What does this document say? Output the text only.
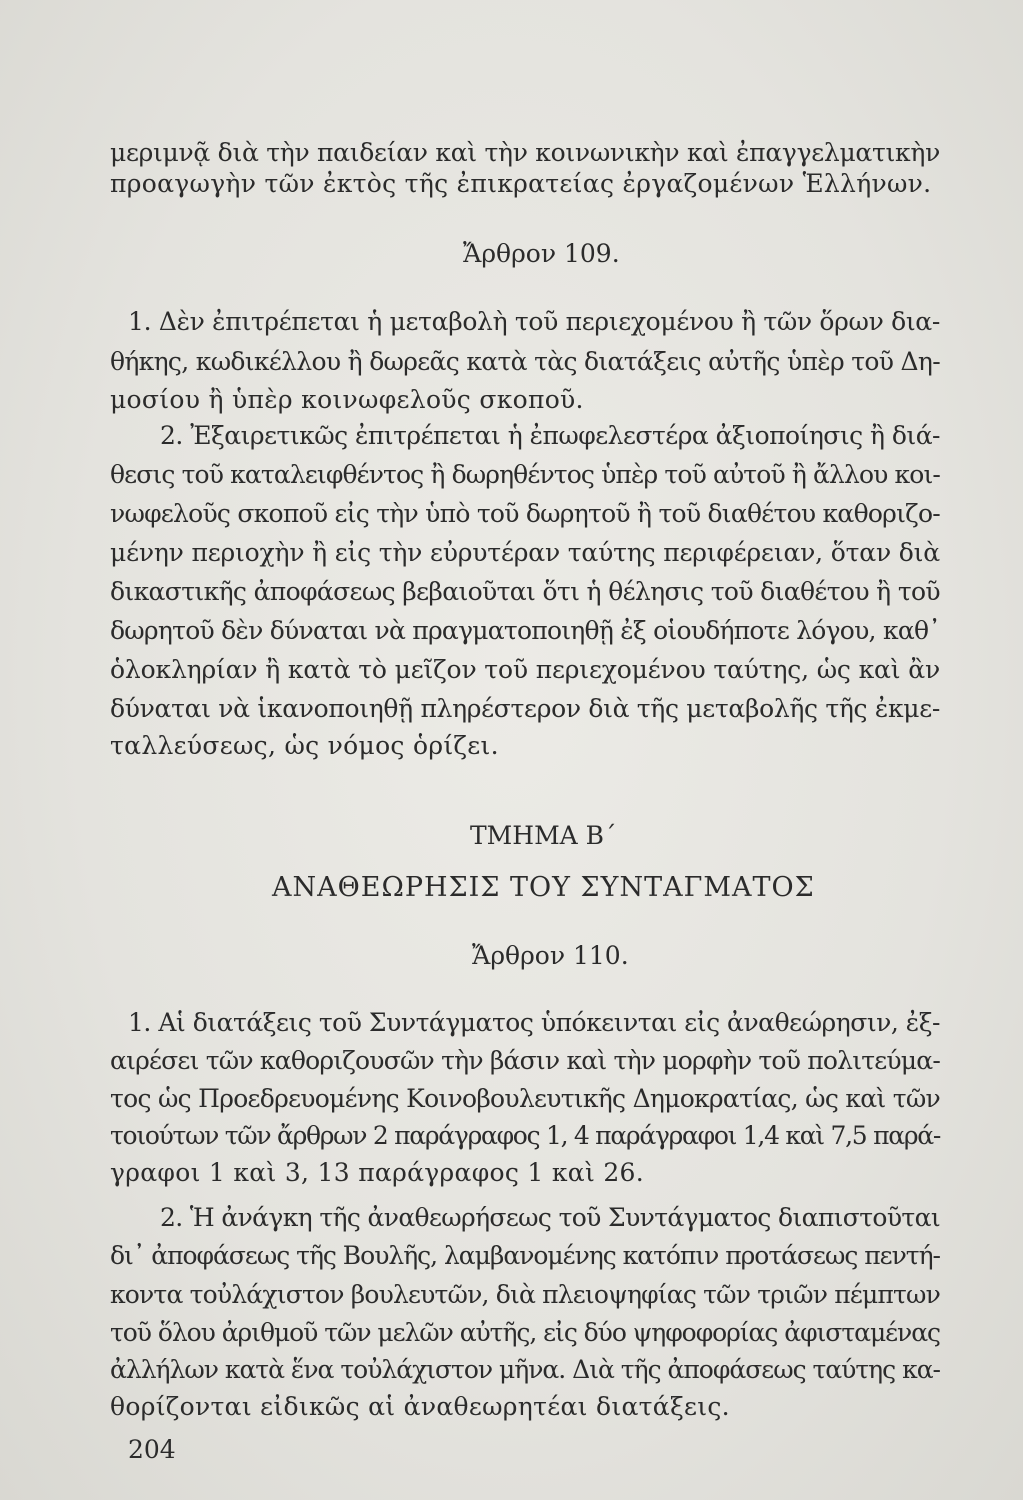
μεριμνᾷ διὰ τὴν παιδείαν καὶ τὴν κοινωνικὴν καὶ ἐπαγγελματικὴν
προαγωγὴν τῶν ἐκτὸς τῆς ἐπικρατείας ἐργαζομένων Ἑλλήνων.
Ἄρθρον 109.
1. Δὲν ἐπιτρέπεται ἡ μεταβολὴ τοῦ περιεχομένου ἢ τῶν ὅρων δια-
θήκης, κωδικέλλου ἢ δωρεᾶς κατὰ τὰς διατάξεις αὐτῆς ὑπὲρ τοῦ Δη-
μοσίου ἢ ὑπὲρ κοινωφελοῦς σκοποῦ.
2. Ἐξαιρετικῶς ἐπιτρέπεται ἡ ἐπωφελεστέρα ἀξιοποίησις ἢ διά-
θεσις τοῦ καταλειφθέντος ἢ δωρηθέντος ὑπὲρ τοῦ αὐτοῦ ἢ ἄλλου κοι-
νωφελοῦς σκοποῦ εἰς τὴν ὑπὸ τοῦ δωρητοῦ ἢ τοῦ διαθέτου καθοριζο-
μένην περιοχὴν ἢ εἰς τὴν εὐρυτέραν ταύτης περιφέρειαν, ὅταν διὰ
δικαστικῆς ἀποφάσεως βεβαιοῦται ὅτι ἡ θέλησις τοῦ διαθέτου ἢ τοῦ
δωρητοῦ δὲν δύναται νὰ πραγματοποιηθῇ ἐξ οἱουδήποτε λόγου, καθ᾽
ὁλοκληρίαν ἢ κατὰ τὸ μεῖζον τοῦ περιεχομένου ταύτης, ὡς καὶ ἂν
δύναται νὰ ἱκανοποιηθῇ πληρέστερον διὰ τῆς μεταβολῆς τῆς ἐκμε-
ταλλεύσεως, ὡς νόμος ὁρίζει.
ΤΜΗΜΑ Β΄
ΑΝΑΘΕΩΡΗΣΙΣ ΤΟΥ ΣΥΝΤΑΓΜΑΤΟΣ
Ἄρθρον 110.
1. Αἱ διατάξεις τοῦ Συντάγματος ὑπόκεινται εἰς ἀναθεώρησιν, ἐξ-
αιρέσει τῶν καθοριζουσῶν τὴν βάσιν καὶ τὴν μορφὴν τοῦ πολιτεύμα-
τος ὡς Προεδρευομένης Κοινοβουλευτικῆς Δημοκρατίας, ὡς καὶ τῶν
τοιούτων τῶν ἄρθρων 2 παράγραφος 1, 4 παράγραφοι 1,4 καὶ 7,5 παρά-
γραφοι 1 καὶ 3, 13 παράγραφος 1 καὶ 26.
2. Ἡ ἀνάγκη τῆς ἀναθεωρήσεως τοῦ Συντάγματος διαπιστοῦται
δι᾽ ἀποφάσεως τῆς Βουλῆς, λαμβανομένης κατόπιν προτάσεως πεντή-
κοντα τοὐλάχιστον βουλευτῶν, διὰ πλειοψηφίας τῶν τριῶν πέμπτων
τοῦ ὅλου ἀριθμοῦ τῶν μελῶν αὐτῆς, εἰς δύο ψηφοφορίας ἀφισταμένας
ἀλλήλων κατὰ ἕνα τοὐλάχιστον μῆνα. Διὰ τῆς ἀποφάσεως ταύτης κα-
θορίζονται εἰδικῶς αἱ ἀναθεωρητέαι διατάξεις.
204
